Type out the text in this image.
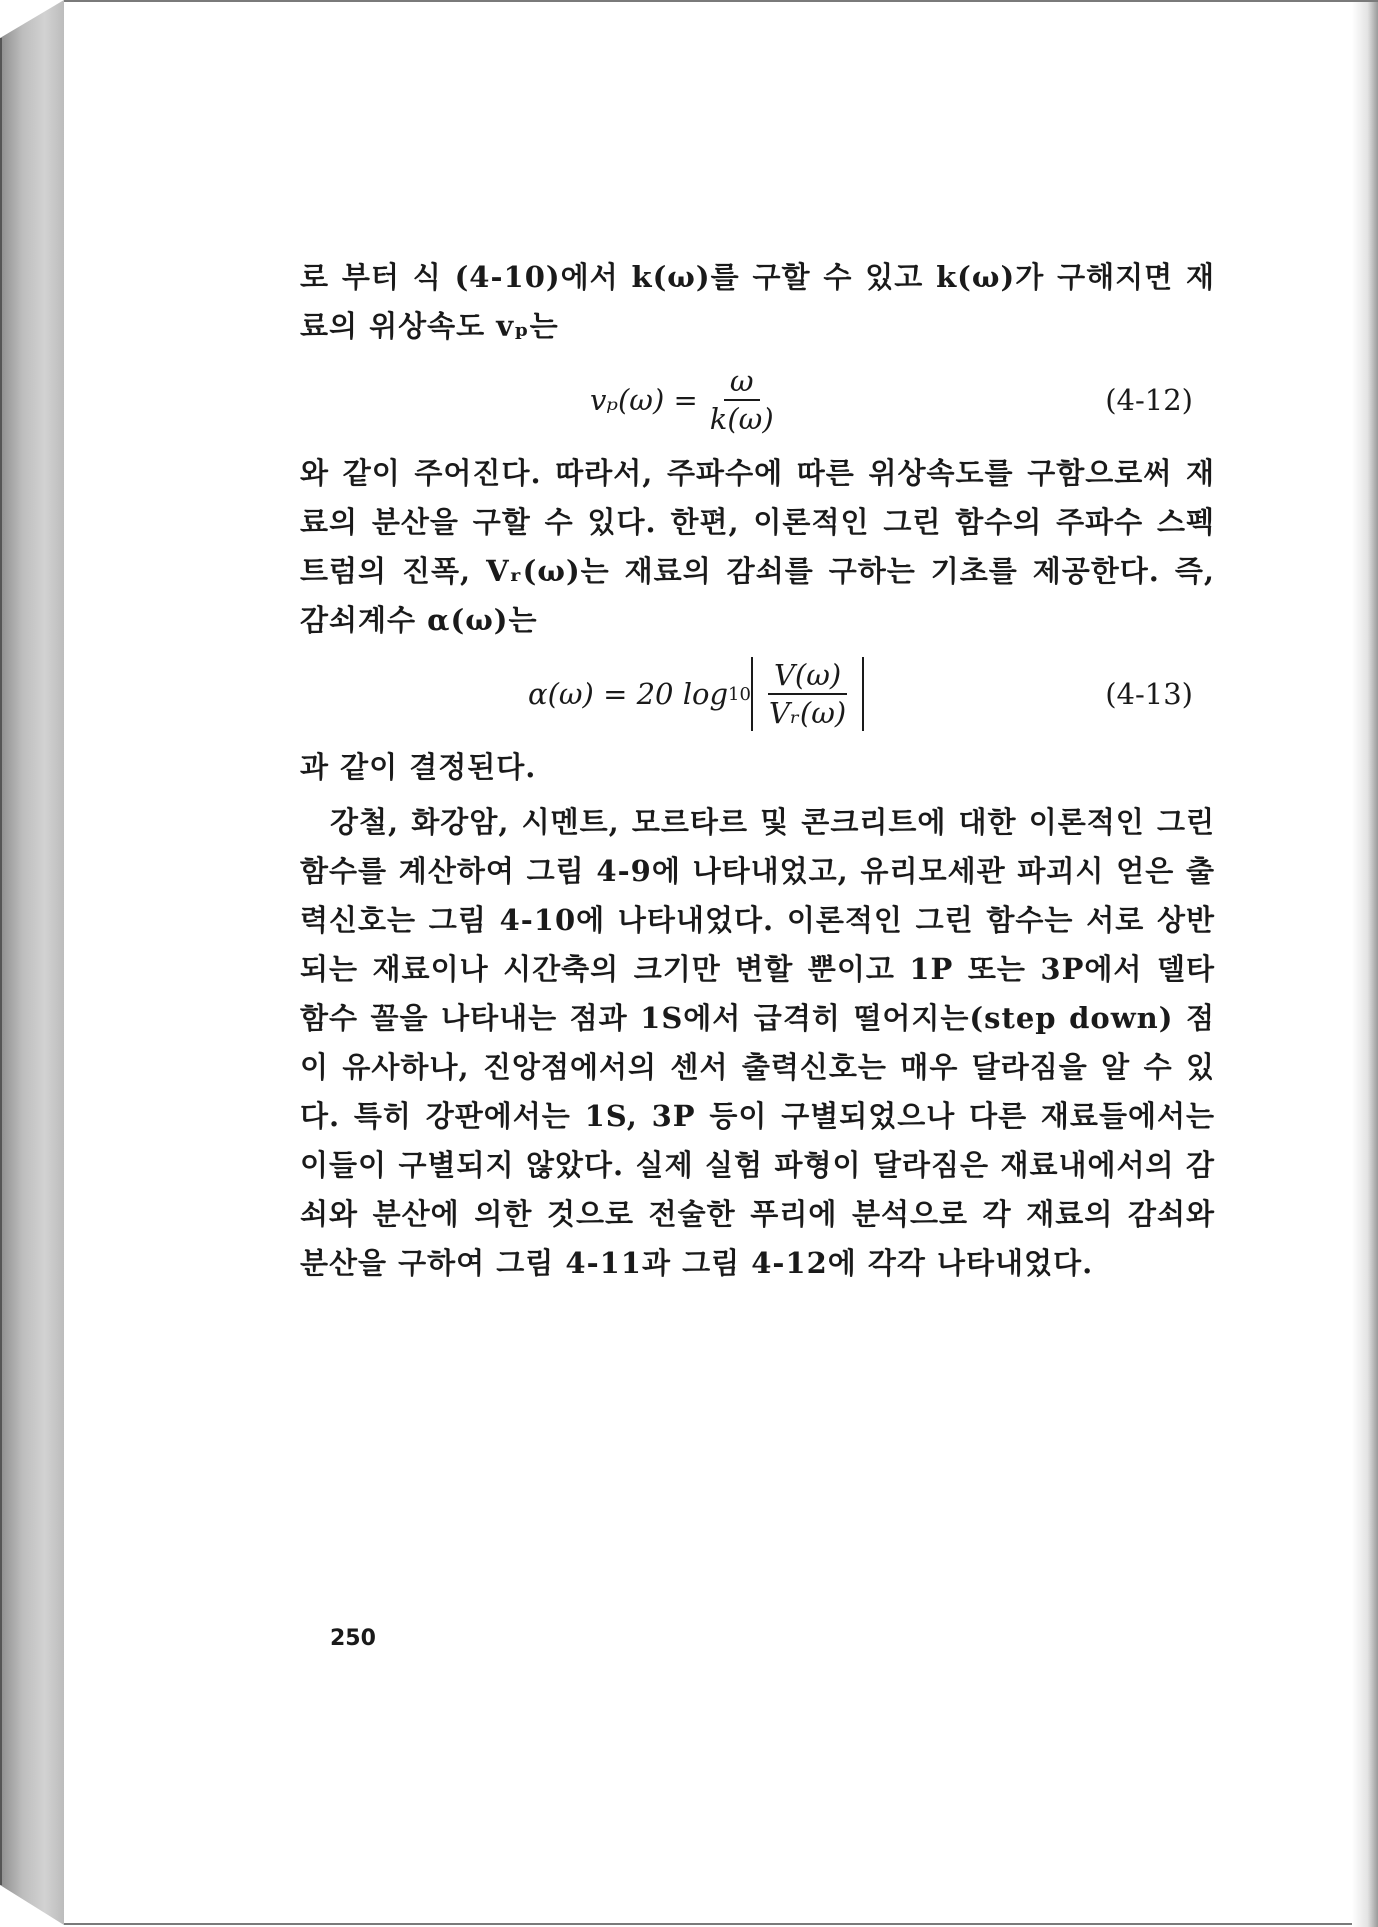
로 부터 식 (4-10)에서 k(ω)를 구할 수 있고 k(ω)가 구해지면 재료의 위상속도 vₚ는

$v_p(\omega) = \frac{\omega}{k(\omega)}$	(4-12)

와 같이 주어진다. 따라서, 주파수에 따른 위상속도를 구함으로써 재료의 분산을 구할 수 있다. 한편, 이론적인 그린 함수의 주파수 스펙트럼의 진폭, Vᵣ(ω)는 재료의 감쇠를 구하는 기초를 제공한다. 즉, 감쇠계수 α(ω)는

α(ω) = 20 $\log 10 \frac{V(\omega)}{\text{Vᵣ(ω)}}$	(4-13)

과 같이 결정된다.

강철, 화강암, 시멘트, 모르타르 및 콘크리트에 대한 이론적인 그린 함수를 계산하여 그림 4-9에 나타내었고, 유리모세관 파괴시 얻은 출력신호는 그림 4-10에 나타내었다. 이론적인 그린 함수는 서로 상반되는 재료이나 시간축의 크기만 변할 뿐이고 1P 또는 3P에서 델타 함수 꼴을 나타내는 점과 1S에서 급격히 떨어지는(step down) 점이 유사하나, 진앙점에서의 센서 출력신호는 매우 달라짐을 알 수 있다. 특히 강판에서는 1S, 3P 등이 구별되었으나 다른 재료들에서는 이들이 구별되지 않았다. 실제 실험 파형이 달라짐은 재료내에서의 감쇠와 분산에 의한 것으로 전술한 푸리에 분석으로 각 재료의 감쇠와 분산을 구하여 그림 4-11과 그림 4-12에 각각 나타내었다.

250
